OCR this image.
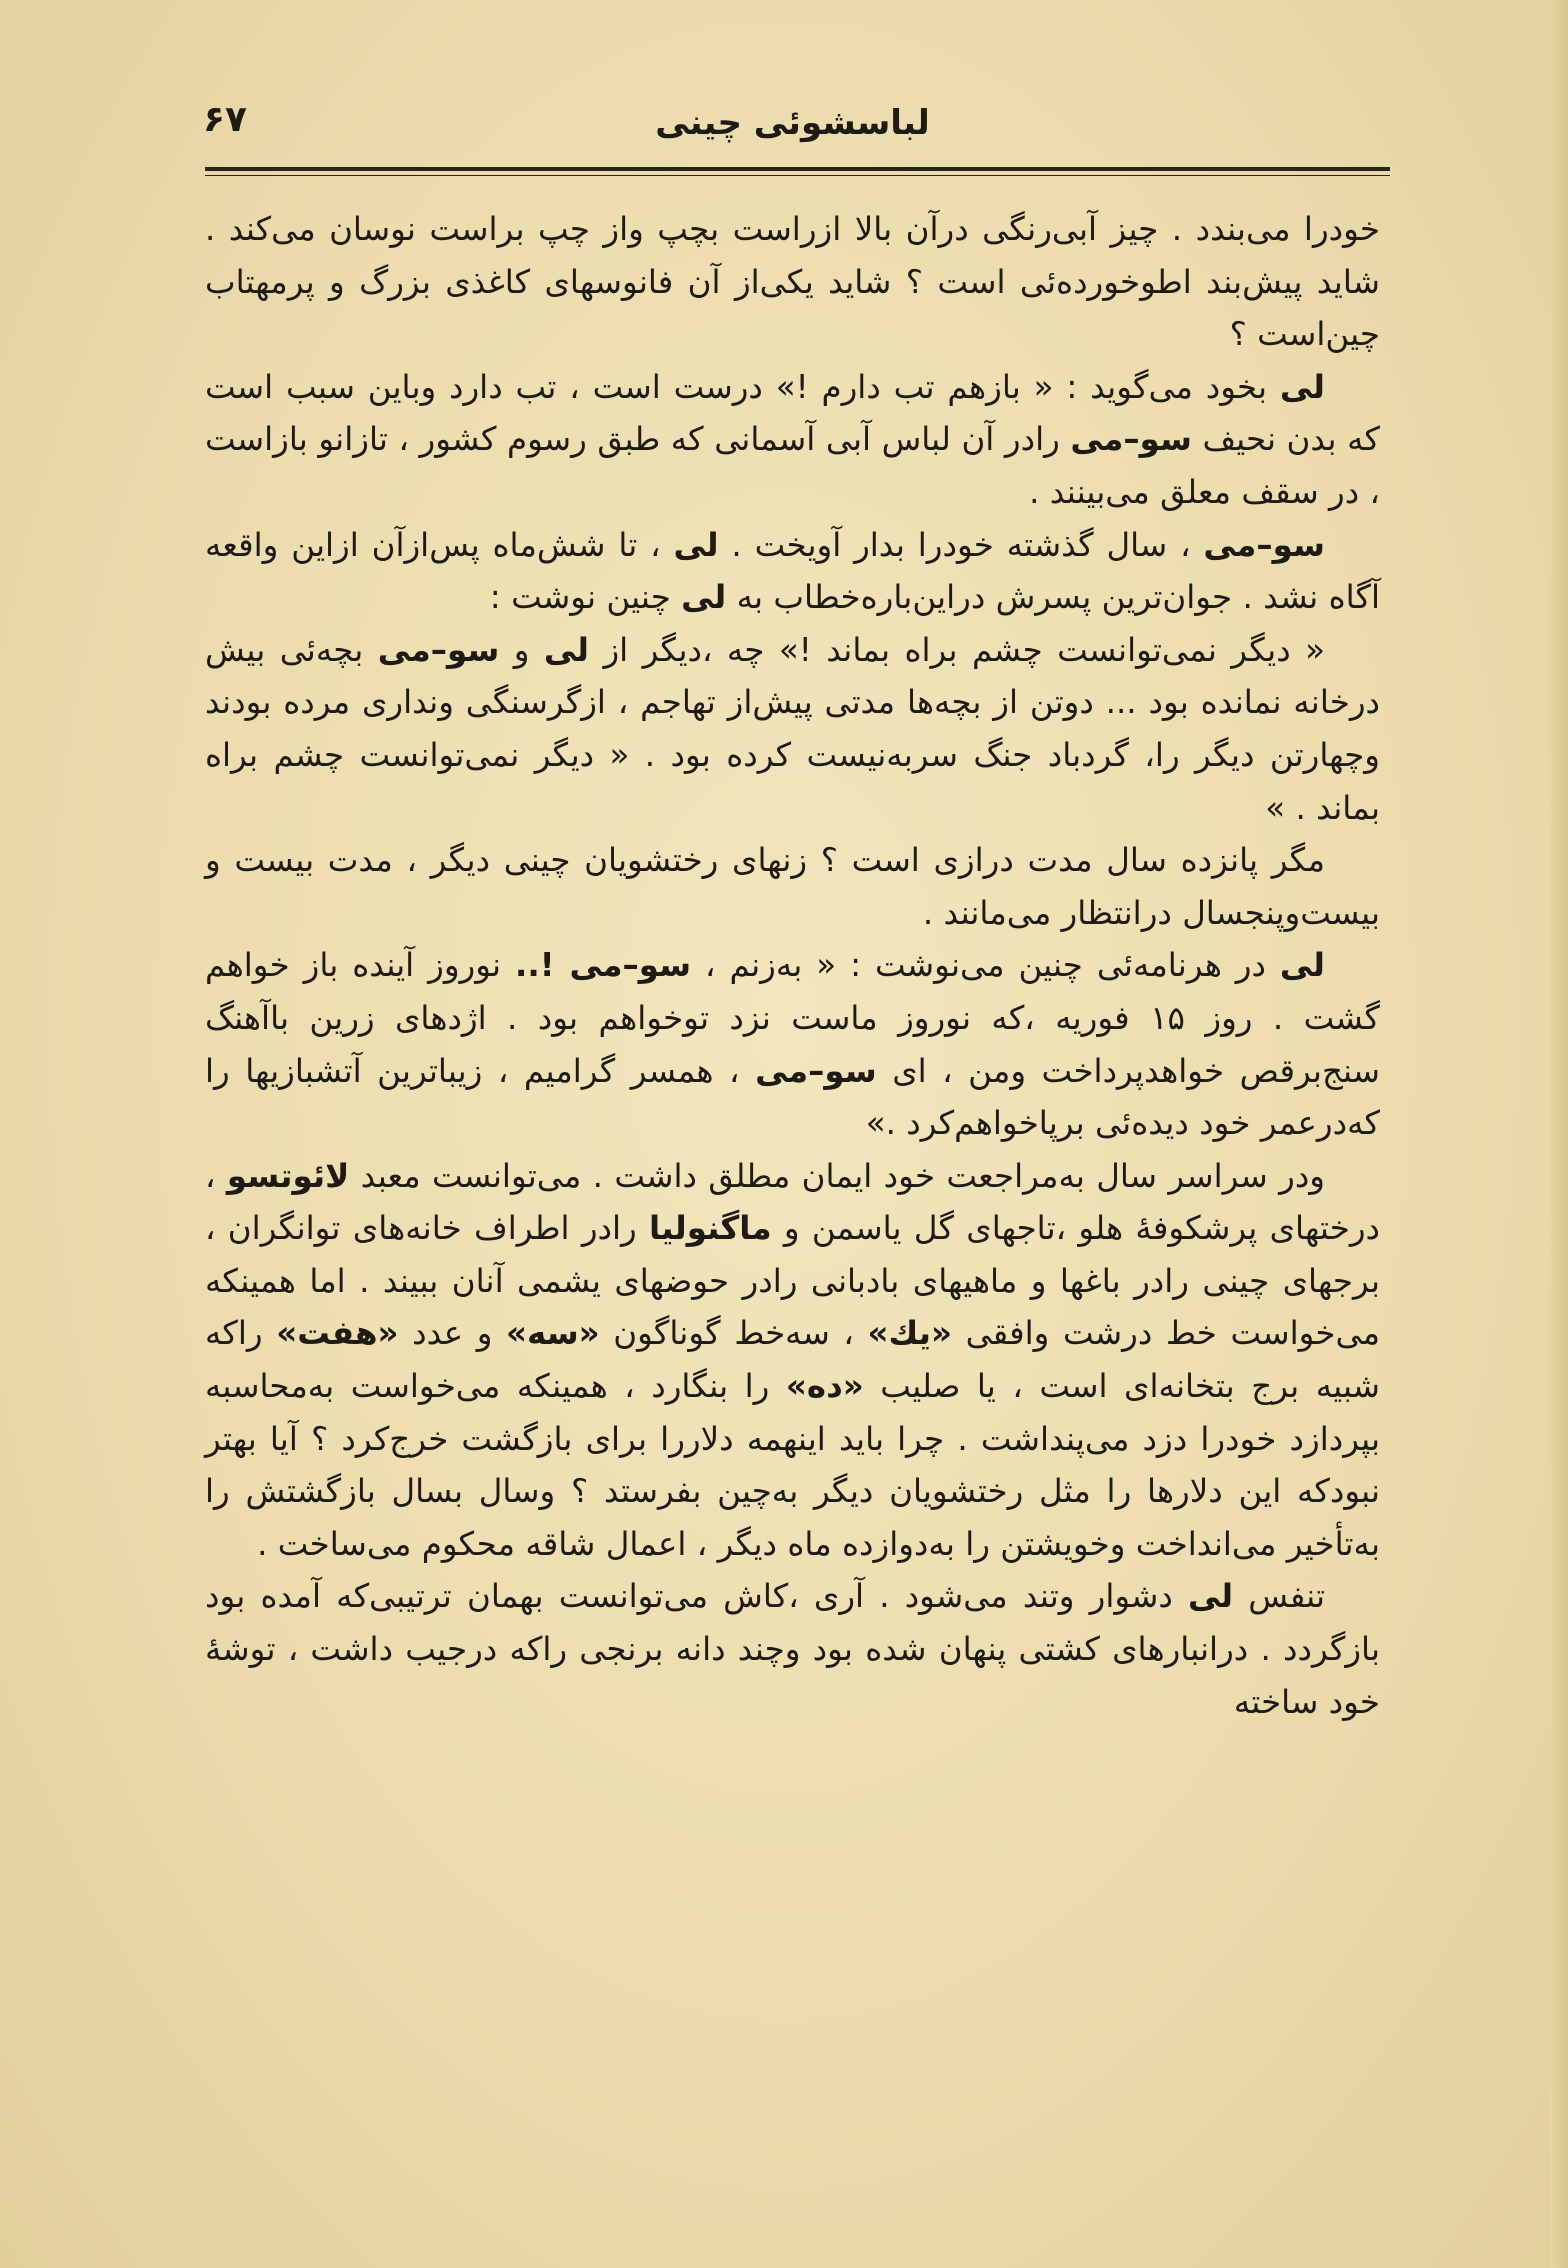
لباسشوئی چینی
۶۷

خودرا می‌بندد . چیز آبی‌رنگی درآن بالا ازراست بچپ واز چپ براست نوسان می‌کند . شاید پیش‌بند اطوخورده‌ئی است ؟ شاید یکی‌از آن فانوسهای کاغذی بزرگ و پرمهتاب چین‌است ؟

لی بخود می‌گوید : « بازهم تب دارم !» درست است ، تب دارد وباین سبب است که بدن نحیف سو–می رادر آن لباس آبی آسمانی که طبق رسوم کشور ، تازانو بازاست ، در سقف معلق می‌بینند .

سو–می ، سال گذشته خودرا بدار آویخت . لی ، تا شش‌ماه پس‌ازآن ازاین واقعه آگاه نشد . جوان‌ترین پسرش دراین‌باره‌خطاب به لی چنین نوشت :

« دیگر نمی‌توانست چشم براه بماند !» چه ،دیگر از لی و سو–می بچه‌ئی بیش درخانه نمانده بود ... دوتن از بچه‌ها مدتی پیش‌از تهاجم ، ازگرسنگی ونداری مرده بودند وچهارتن دیگر را، گردباد جنگ سربه‌نیست کرده بود . « دیگر نمی‌توانست چشم براه بماند . »

مگر پانزده سال مدت درازی است ؟ زنهای رختشویان چینی دیگر ، مدت بیست و بیست‌وپنجسال درانتظار می‌مانند .

لی در هرنامه‌ئی چنین می‌نوشت : « به‌زنم ، سو–می !.. نوروز آینده باز خواهم گشت . روز ۱۵ فوریه ،که نوروز ماست نزد توخواهم بود . اژدهای زرین باآهنگ سنج‌برقص خواهدپرداخت ومن ، ای سو–می ، همسر گرامیم ، زیباترین آتشبازیها را که‌درعمر خود دیده‌ئی برپاخواهم‌کرد .»

ودر سراسر سال به‌مراجعت خود ایمان مطلق داشت . می‌توانست معبد لائوتسو ، درختهای پرشکوفهٔ هلو ،تاجهای گل یاسمن و ماگنولیا رادر اطراف خانه‌های توانگران ، برجهای چینی رادر باغها و ماهیهای بادبانی رادر حوضهای یشمی آنان ببیند . اما همینکه می‌خواست خط درشت وافقی «یك» ، سه‌خط گوناگون «سه» و عدد «هفت» راکه شبیه برج بتخانه‌ای است ، یا صلیب «ده» را بنگارد ، همینکه می‌خواست به‌محاسبه بپردازد خودرا دزد می‌پنداشت . چرا باید اینهمه دلاررا برای بازگشت خرج‌کرد ؟ آیا بهتر نبودکه این دلارها را مثل رختشویان دیگر به‌چین بفرستد ؟ وسال بسال بازگشتش را به‌تأخیر می‌انداخت وخویشتن را به‌دوازده ماه دیگر ، اعمال شاقه محکوم می‌ساخت .

تنفس لی دشوار وتند می‌شود . آری ،کاش می‌توانست بهمان ترتیبی‌که آمده بود بازگردد . درانبارهای کشتی پنهان شده بود وچند دانه برنجی راکه درجیب داشت ، توشهٔ خود ساخته
